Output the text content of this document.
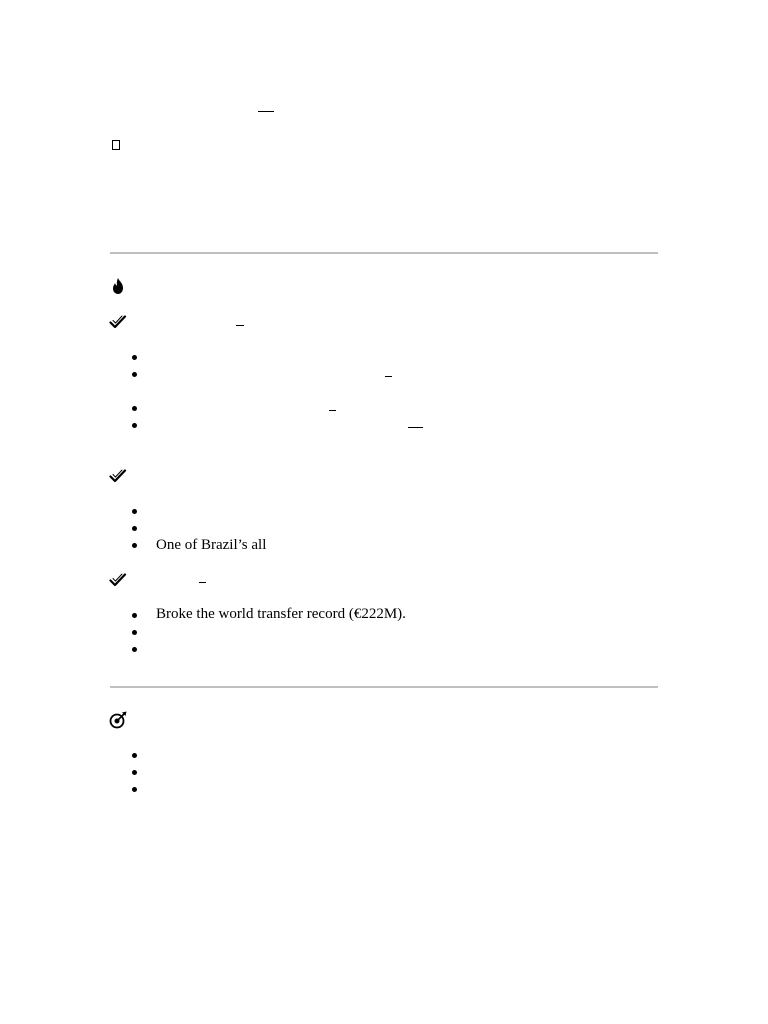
One of Brazil’s all
Broke the world transfer record (€222M).
